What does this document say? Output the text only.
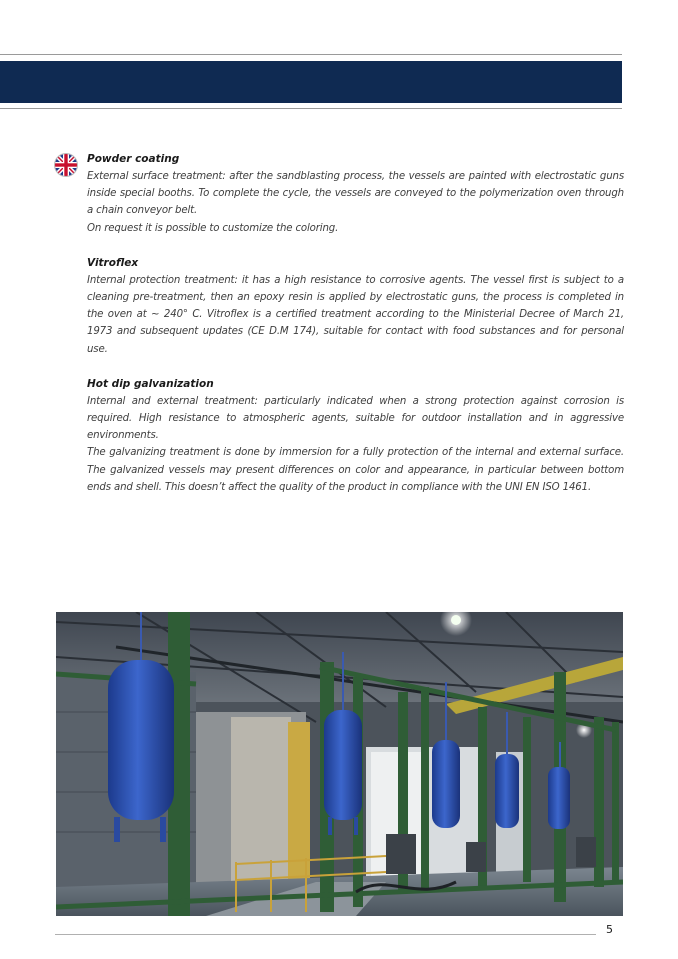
Powder coating

External surface treatment: after the sandblasting process, the vessels are painted with electrostatic guns inside special booths. To complete the cycle, the vessels are conveyed to the polymerization oven through a chain conveyor belt.

On request it is possible to customize the coloring.

Vitroflex

Internal protection treatment: it has a high resistance to corrosive agents. The vessel first is subject to a cleaning pre-treatment, then an epoxy resin is applied by electrostatic guns, the process is completed in the oven at ~ 240° C. Vitroflex is a certified treatment according to the Ministerial Decree of March 21, 1973 and subsequent updates (CE D.M 174), suitable for contact with food substances and for personal use.

Hot dip galvanization

Internal and external treatment: particularly indicated when a strong protection against corrosion is required. High resistance to atmospheric agents, suitable for outdoor installation and in aggressive environments.

The galvanizing treatment is done by immersion for a fully protection of the internal and external surface. The galvanized vessels may present differences on color and appearance, in particular between bottom ends and shell. This doesn’t affect the quality of the product in compliance with the UNI EN ISO 1461.

5
